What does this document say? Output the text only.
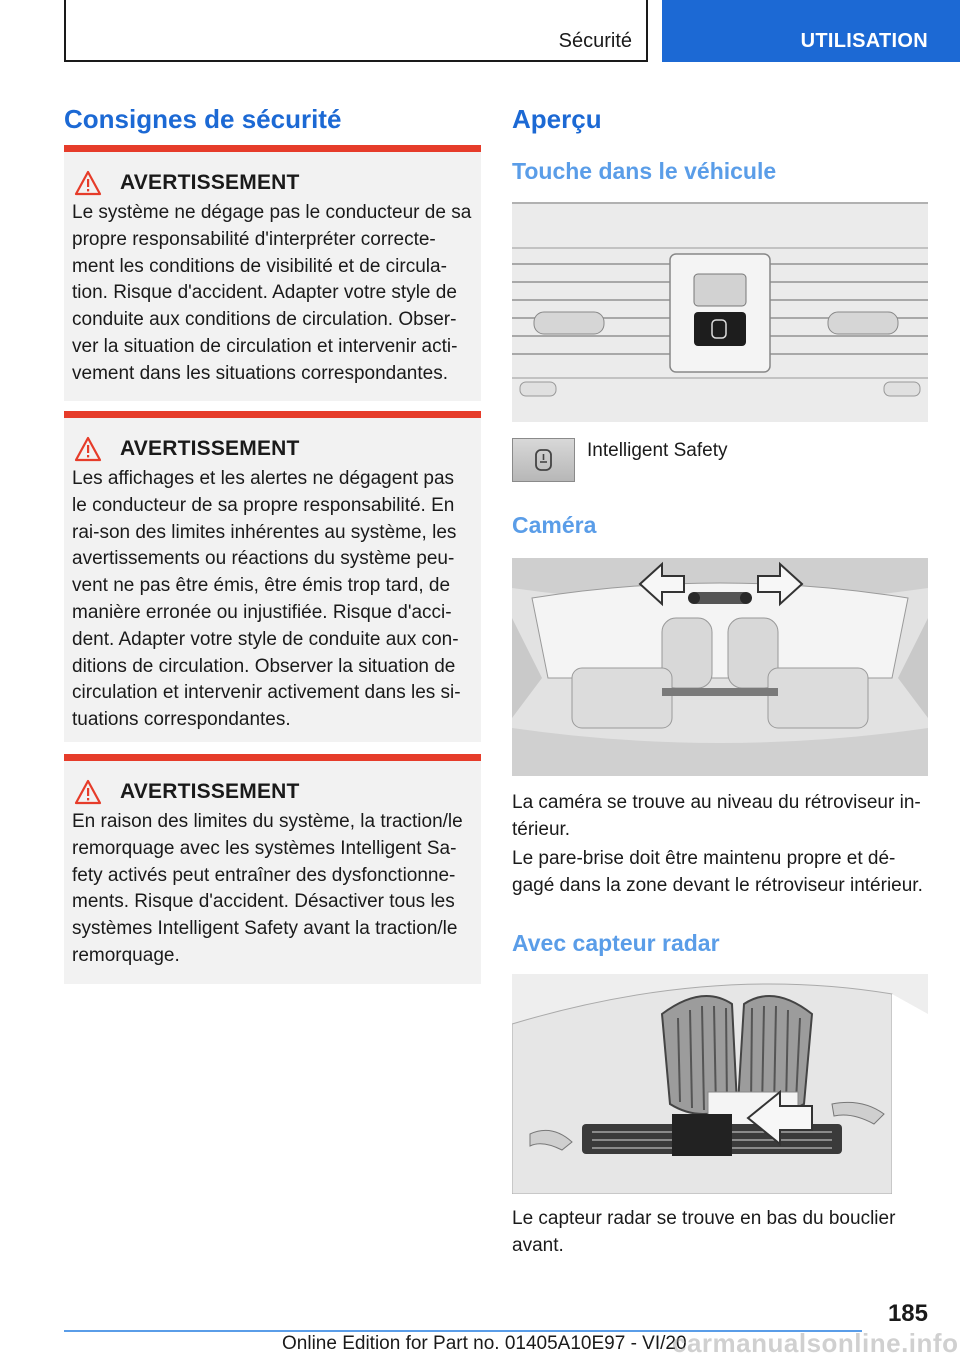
Sécurité	UTILISATION
Consignes de sécurité
AVERTISSEMENT
Le système ne dégage pas le conducteur de sa propre responsabilité d'interpréter correcte-ment les conditions de visibilité et de circula-tion. Risque d'accident. Adapter votre style de conduite aux conditions de circulation. Obser-ver la situation de circulation et intervenir acti-vement dans les situations correspondantes.
AVERTISSEMENT
Les affichages et les alertes ne dégagent pas le conducteur de sa propre responsabilité. En rai-son des limites inhérentes au système, les avertissements ou réactions du système peu-vent ne pas être émis, être émis trop tard, de manière erronée ou injustifiée. Risque d'acci-dent. Adapter votre style de conduite aux con-ditions de circulation. Observer la situation de circulation et intervenir activement dans les si-tuations correspondantes.
AVERTISSEMENT
En raison des limites du système, la traction/le remorquage avec les systèmes Intelligent Sa-fety activés peut entraîner des dysfonctionne-ments. Risque d'accident. Désactiver tous les systèmes Intelligent Safety avant la traction/le remorquage.
Aperçu
Touche dans le véhicule
Intelligent Safety
Caméra
La caméra se trouve au niveau du rétroviseur in-térieur.
Le pare-brise doit être maintenu propre et dé-gagé dans la zone devant le rétroviseur intérieur.
Avec capteur radar
Le capteur radar se trouve en bas du bouclier avant.
185
Online Edition for Part no. 01405A10E97 - VI/20
carmanualsonline.info
